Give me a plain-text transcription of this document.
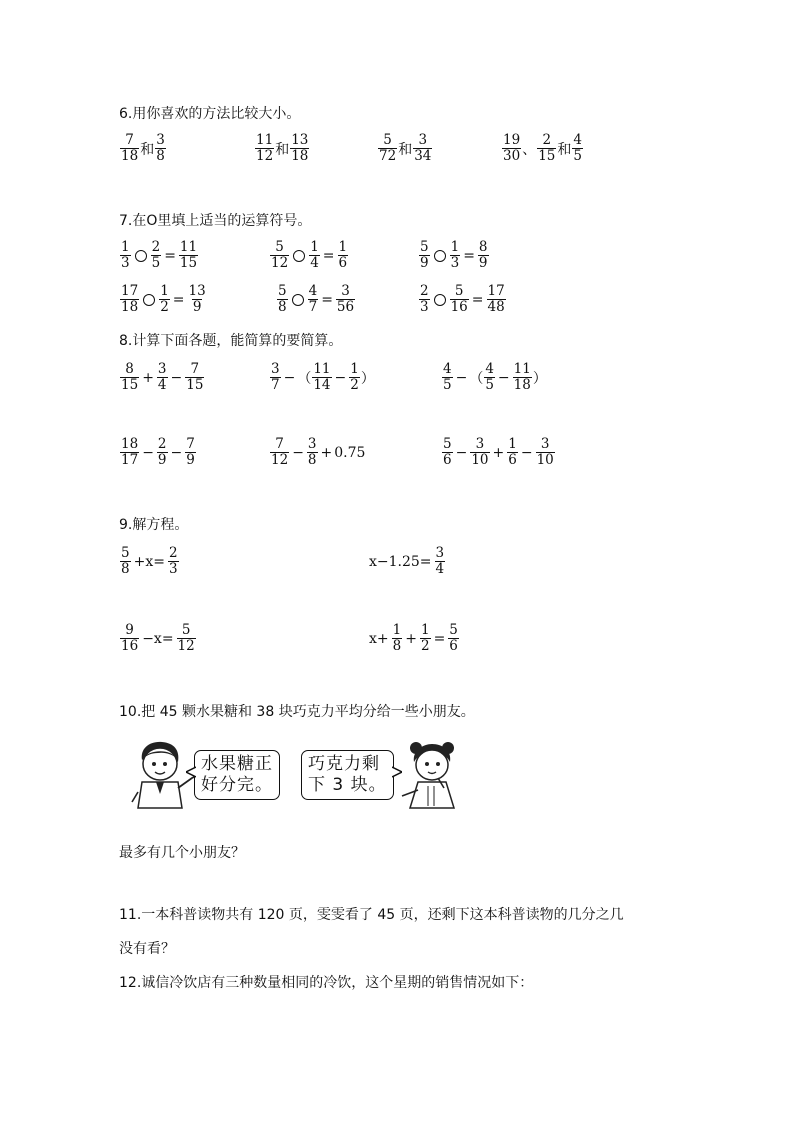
6.用你喜欢的方法比较大小。
$\frac{7}{18}$ 和 $\frac{3}{8}$	$\frac{11}{12}$ 和 $\frac{13}{18}$	$\frac{5}{72}$ 和 $\frac{3}{34}$	$\frac{19}{30}$ 、 $\frac{2}{15}$ 和 $\frac{4}{5}$
7.在O里填上适当的运算符号。
$\frac{1}{3} \frac{2}{5} = \frac{11}{15}$	$\frac{5}{12} \frac{1}{4} = \frac{1}{6}$	$\frac{5}{9} \frac{1}{3} = \frac{8}{9}$
$\frac{17}{18} \frac{1}{2} = \frac{13}{9}$	$\frac{5}{8} \frac{4}{7} = \frac{3}{56}$	$\frac{2}{3} \frac{5}{16} = \frac{17}{48}$
8.计算下面各题，能简算的要简算。
$\frac{8}{15} + \frac{3}{4} - \frac{7}{15}$	$\frac{3}{7}$ − （ $\frac{11}{14} - \frac{1}{2}$ ）	$\frac{4}{5}$ − （ $\frac{4}{5} - \frac{11}{18}$ ）
$\frac{18}{17} - \frac{2}{9} - \frac{7}{9}$	$\frac{7}{12} - \frac{3}{8} + 0.75$	$\frac{5}{6} - \frac{3}{10} + \frac{1}{6} - \frac{3}{10}$
9.解方程。
$\frac{5}{8} +x= \frac{2}{3}$	$x-1.25= \frac{3}{4}$
$\frac{9}{16} -x= \frac{5}{12}$	$x+ \frac{1}{8} + \frac{1}{2} = \frac{5}{6}$
10.把 45 颗水果糖和 38 块巧克力平均分给一些小朋友。
水果糖正
好分完。
巧克力剩
下 3 块。
最多有几个小朋友？
11.一本科普读物共有 120 页，雯雯看了 45 页，还剩下这本科普读物的几分之几
没有看？
12.诚信冷饮店有三种数量相同的冷饮，这个星期的销售情况如下：
